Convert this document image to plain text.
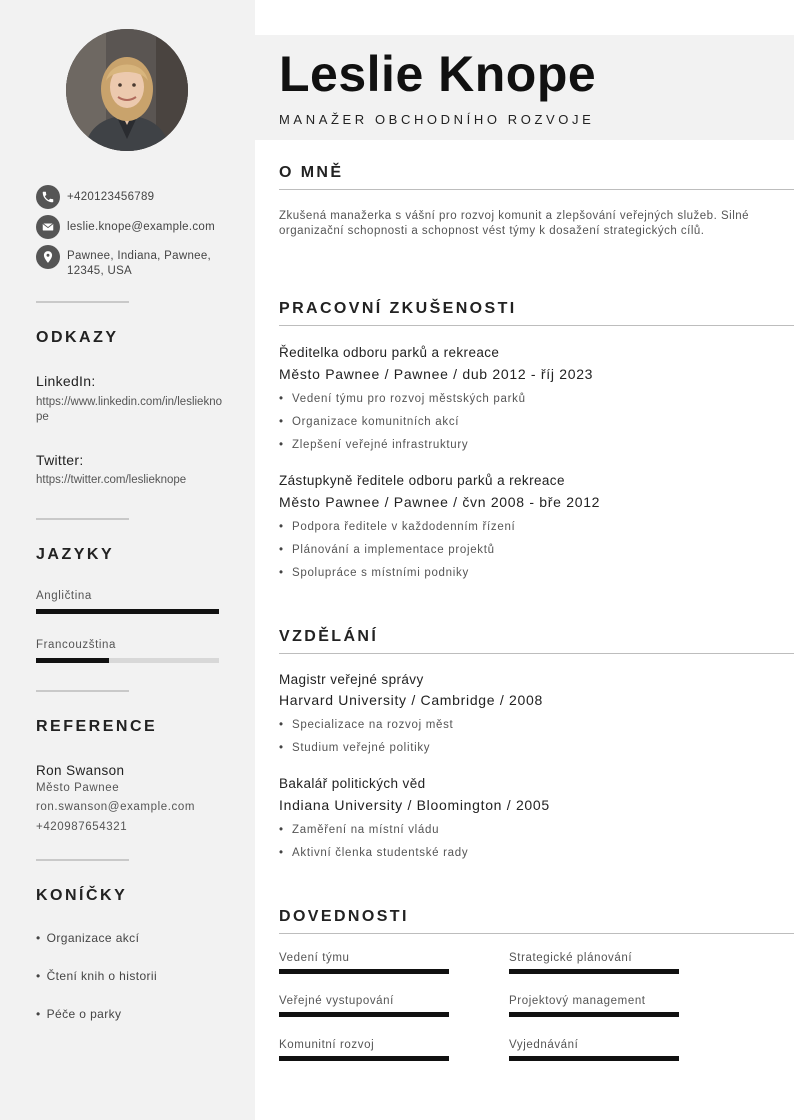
+420123456789
leslie.knope@example.com
Pawnee, Indiana, Pawnee,
12345, USA
ODKAZY
LinkedIn:
https://www.linkedin.com/in/leslieknope
Twitter:
https://twitter.com/leslieknope
JAZYKY
Angličtina
Francouzština
REFERENCE
Ron Swanson
Město Pawnee
ron.swanson@example.com
+420987654321
KONÍČKY
• Organizace akcí
• Čtení knih o historii
• Péče o parky
Leslie Knope
MANAŽER OBCHODNÍHO ROZVOJE
O MNĚ
Zkušená manažerka s vášní pro rozvoj komunit a zlepšování veřejných služeb. Silné organizační schopnosti a schopnost vést týmy k dosažení strategických cílů.
PRACOVNÍ ZKUŠENOSTI
Ředitelka odboru parků a rekreace
Město Pawnee / Pawnee / dub 2012 - říj 2023
• Vedení týmu pro rozvoj městských parků
• Organizace komunitních akcí
• Zlepšení veřejné infrastruktury
Zástupkyně ředitele odboru parků a rekreace
Město Pawnee / Pawnee / čvn 2008 - bře 2012
• Podpora ředitele v každodenním řízení
• Plánování a implementace projektů
• Spolupráce s místními podniky
VZDĚLÁNÍ
Magistr veřejné správy
Harvard University / Cambridge / 2008
• Specializace na rozvoj měst
• Studium veřejné politiky
Bakalář politických věd
Indiana University / Bloomington / 2005
• Zaměření na místní vládu
• Aktivní členka studentské rady
DOVEDNOSTI
Vedení týmu	Strategické plánování
Veřejné vystupování	Projektový management
Komunitní rozvoj	Vyjednávání
